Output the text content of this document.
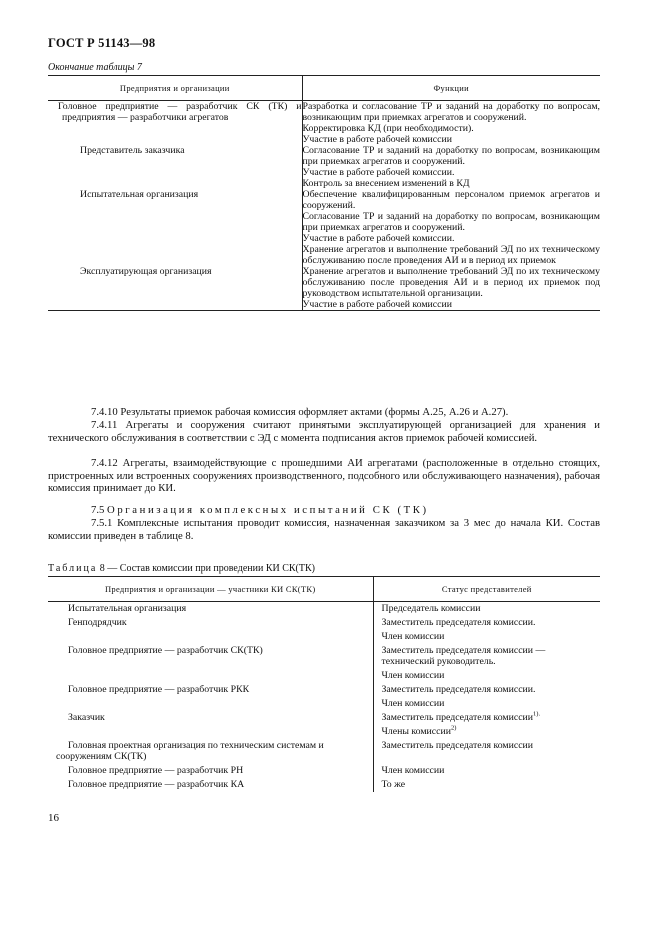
ГОСТ Р 51143—98
Окончание таблицы 7
Предприятия и организации	Функции
Головное предприятие — разработчик СК (ТК) и предприятия — разработчики агрегатов	Разработка и согласование ТР и заданий на доработку по вопросам, возникающим при приемках агрегатов и сооружений.
	Корректировка КД (при необходимости).
	Участие в работе рабочей комиссии
Представитель заказчика	Согласование ТР и заданий на доработку по вопросам, возникающим при приемках агрегатов и сооружений.
	Участие в работе рабочей комиссии.
	Контроль за внесением изменений в КД
Испытательная организация	Обеспечение квалифицированным персоналом приемок агрегатов и сооружений.
	Согласование ТР и заданий на доработку по вопросам, возникающим при приемках агрегатов и сооружений.
	Участие в работе рабочей комиссии.
	Хранение агрегатов и выполнение требований ЭД по их техническому обслуживанию после проведения АИ и в период их приемок
Эксплуатирующая организация	Хранение агрегатов и выполнение требований ЭД по их техническому обслуживанию после проведения АИ и в период их приемок под руководством испытательной организации.
	Участие в работе рабочей комиссии
7.4.10 Результаты приемок рабочая комиссия оформляет актами (формы А.25, А.26 и А.27).
7.4.11 Агрегаты и сооружения считают принятыми эксплуатирующей организацией для хранения и технического обслуживания в соответствии с ЭД с момента подписания актов приемок рабочей комиссией.
7.4.12 Агрегаты, взаимодействующие с прошедшими АИ агрегатами (расположенные в отдельно стоящих, пристроенных или встроенных сооружениях производственного, подсобного или обслуживающего назначения), рабочая комиссия принимает до КИ.
7.5 Организация комплексных испытаний СК (ТК)
7.5.1 Комплексные испытания проводит комиссия, назначенная заказчиком за 3 мес до начала КИ. Состав комиссии приведен в таблице 8.
Таблица 8 — Состав комиссии при проведении КИ СК(ТК)
Предприятия и организации — участники КИ СК(ТК)	Статус представителей
Испытательная организация	Председатель комиссии
Генподрядчик	Заместитель председателя комиссии.
	Член комиссии
Головное предприятие — разработчик СК(ТК)	Заместитель председателя комиссии — технический руководитель.
	Член комиссии
Головное предприятие — разработчик РКК	Заместитель председателя комиссии.
	Член комиссии
Заказчик	Заместитель председателя комиссии$^{1).}$
	Члены комиссии$^{2)}$
Головная проектная организация по техническим системам и сооружениям СК(ТК)	Заместитель председателя комиссии
Головное предприятие — разработчик РН	Член комиссии
Головное предприятие — разработчик КА	То же
16
